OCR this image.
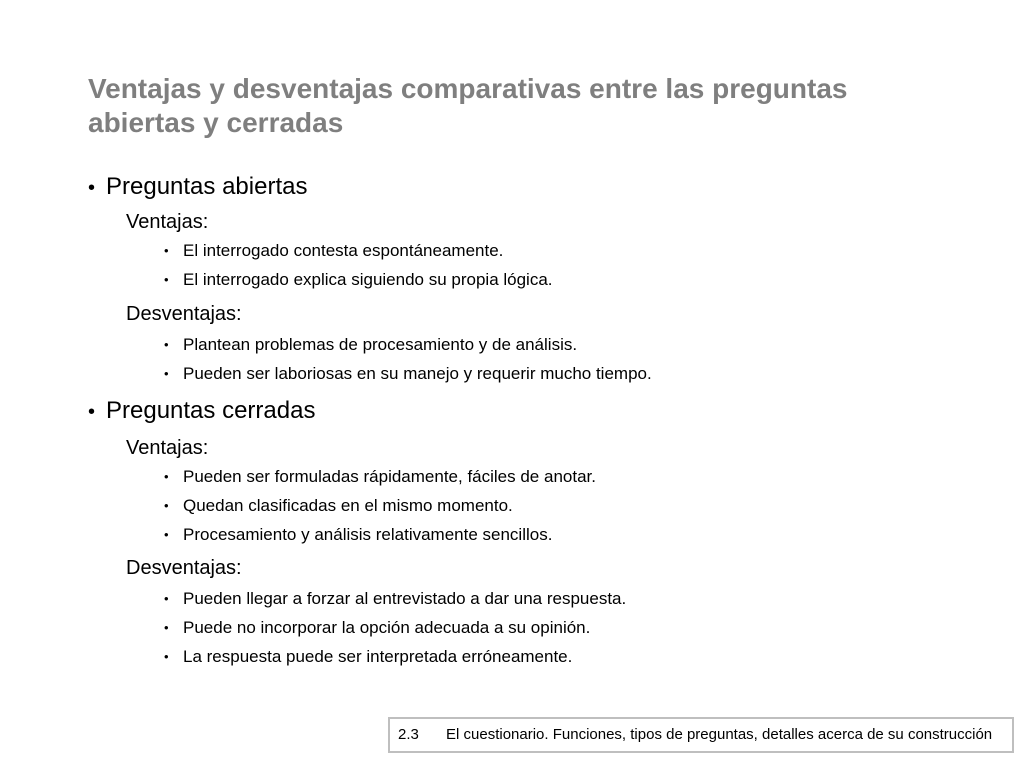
Ventajas y desventajas comparativas entre las preguntas abiertas y cerradas
• Preguntas abiertas
Ventajas:
• El interrogado contesta espontáneamente.
• El interrogado explica siguiendo su propia lógica.
Desventajas:
• Plantean problemas de procesamiento y de análisis.
• Pueden ser laboriosas en su manejo y requerir mucho tiempo.
• Preguntas cerradas
Ventajas:
• Pueden ser formuladas rápidamente, fáciles de anotar.
• Quedan clasificadas en el mismo momento.
• Procesamiento y análisis relativamente sencillos.
Desventajas:
• Pueden llegar a forzar al entrevistado a dar una respuesta.
• Puede no incorporar la opción adecuada a su opinión.
• La respuesta puede ser interpretada erróneamente.
2.3 El cuestionario. Funciones, tipos de preguntas, detalles acerca de su construcción
